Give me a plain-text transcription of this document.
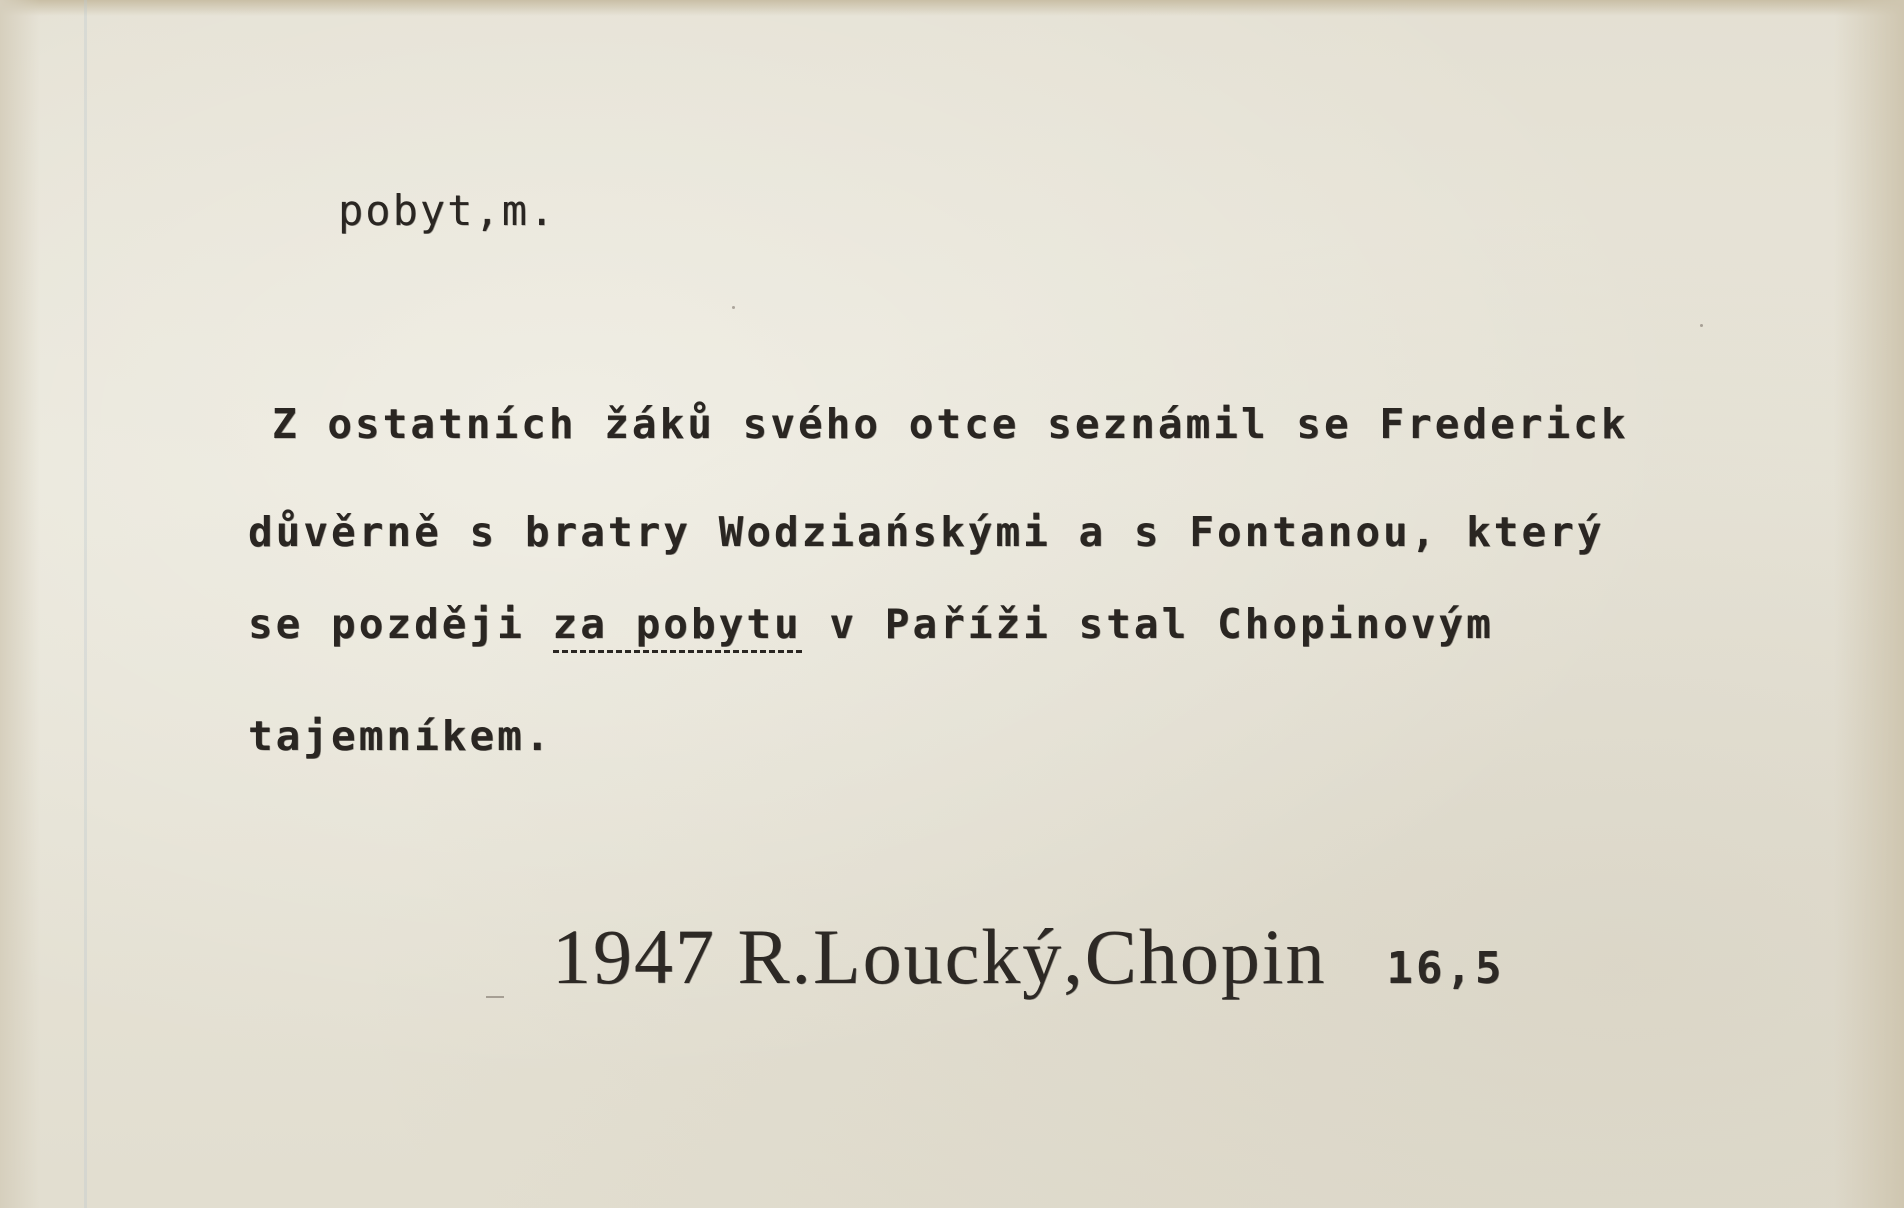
pobyt,m.
Z ostatních žáků svého otce seznámil se Frederick
důvěrně s bratry Wodziańskými a s Fontanou, který
se později za pobytu v Paříži stal Chopinovým
tajemníkem.
1947 R.Loucký,Chopin 16,5
